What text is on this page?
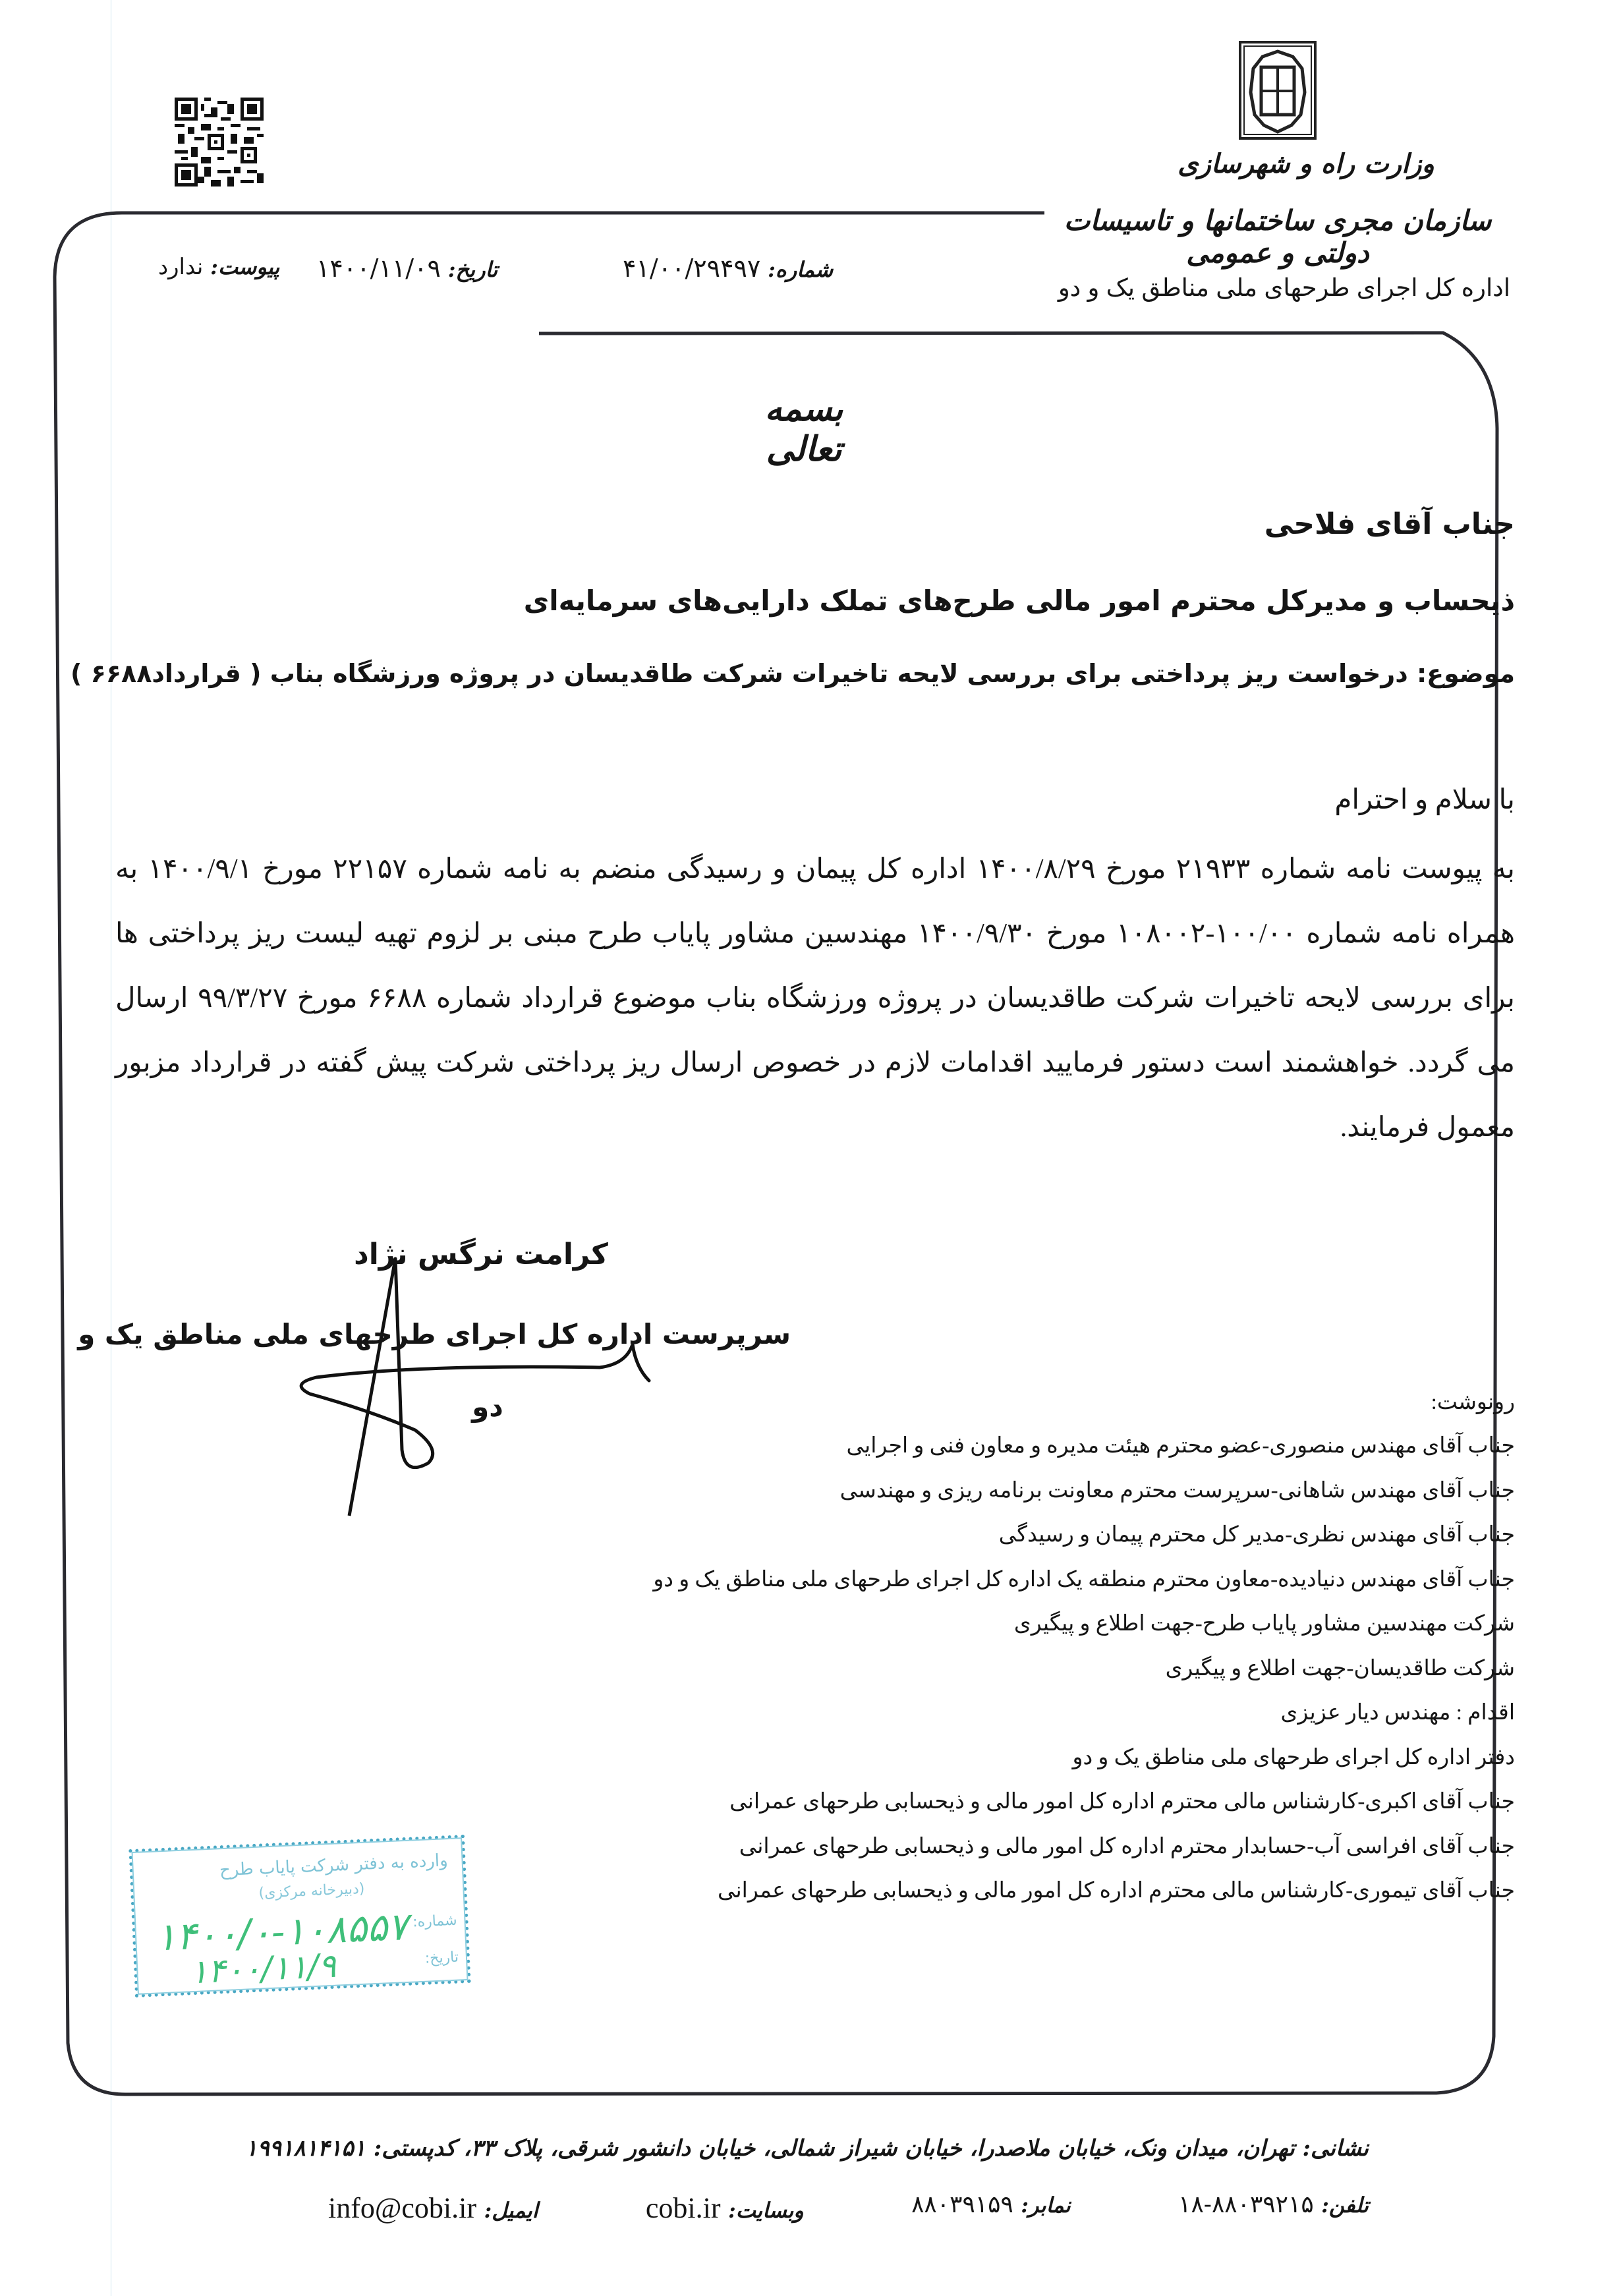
وزارت راه و شهرسازی
سازمان مجری ساختمانها و تاسیسات دولتی و عمومی
اداره کل اجرای طرحهای ملی مناطق یک و دو
شماره: ۴۱/۰۰/۲۹۴۹۷
تاریخ: ۱۴۰۰/۱۱/۰۹
پیوست: ندارد
بسمه تعالی
جناب آقای فلاحی
ذیحساب و مدیرکل محترم امور مالی طرح‌های تملک دارایی‌های سرمایه‌ای
موضوع: درخواست ریز پرداختی برای بررسی لایحه تاخیرات شرکت طاقدیسان در پروژه ورزشگاه بناب ( قرارداد۶۶۸۸ )
با سلام و احترام
به پیوست نامه شماره ۲۱۹۳۳ مورخ ۱۴۰۰/۸/۲۹ اداره کل پیمان و رسیدگی منضم به نامه شماره ۲۲۱۵۷ مورخ ۱۴۰۰/۹/۱ به همراه نامه شماره ۱۰۰/۰۰-۱۰۸۰۰۲ مورخ ۱۴۰۰/۹/۳۰ مهندسین مشاور پایاب طرح مبنی بر لزوم تهیه لیست ریز پرداختی ها برای بررسی لایحه تاخیرات شرکت طاقدیسان در پروژه ورزشگاه بناب موضوع قرارداد شماره ۶۶۸۸ مورخ ۹۹/۳/۲۷ ارسال می گردد. خواهشمند است دستور فرمایید اقدامات لازم در خصوص ارسال ریز پرداختی شرکت پیش گفته در قرارداد مزبور معمول فرمایند.
کرامت نرگس نژاد
سرپرست اداره کل اجرای طرحهای ملی مناطق یک و
دو	رونوشت:
جناب آقای مهندس منصوری-عضو محترم هیئت مدیره و معاون فنی و اجرایی
جناب آقای مهندس شاهانی-سرپرست محترم معاونت برنامه ریزی و مهندسی
جناب آقای مهندس نظری-مدیر کل محترم پیمان و رسیدگی
جناب آقای مهندس دنیادیده-معاون محترم منطقه یک اداره کل اجرای طرحهای ملی مناطق یک و دو
شرکت مهندسین مشاور پایاب طرح-جهت اطلاع و پیگیری
شرکت طاقدیسان-جهت اطلاع و پیگیری
اقدام : مهندس دیار عزیزی
دفتر اداره کل اجرای طرحهای ملی مناطق یک و دو
جناب آقای اکبری-کارشناس مالی محترم اداره کل امور مالی و ذیحسابی طرحهای عمرانی
جناب آقای افراسی آب-حسابدار محترم اداره کل امور مالی و ذیحسابی طرحهای عمرانی
جناب آقای تیموری-کارشناس مالی محترم اداره کل امور مالی و ذیحسابی طرحهای عمرانی
وارده به دفتر شرکت پایاب طرح
(دبیرخانه مرکزی)
شماره:
۱۴۰۰/۰-۱۰۸۵۵۷ تاریخ:
۱۴۰۰/۱۱/۹
نشانی: تهران، میدان ونک، خیابان ملاصدرا، خیابان شیراز شمالی، خیابان دانشور شرقی، پلاک ۳۳، کدپستی: ۱۹۹۱۸۱۴۱۵۱
تلفن: ۸۸۰۳۹۲۱۵-۱۸
نمابر: ۸۸۰۳۹۱۵۹
وبسایت: cobi.ir
ایمیل: info@cobi.ir
